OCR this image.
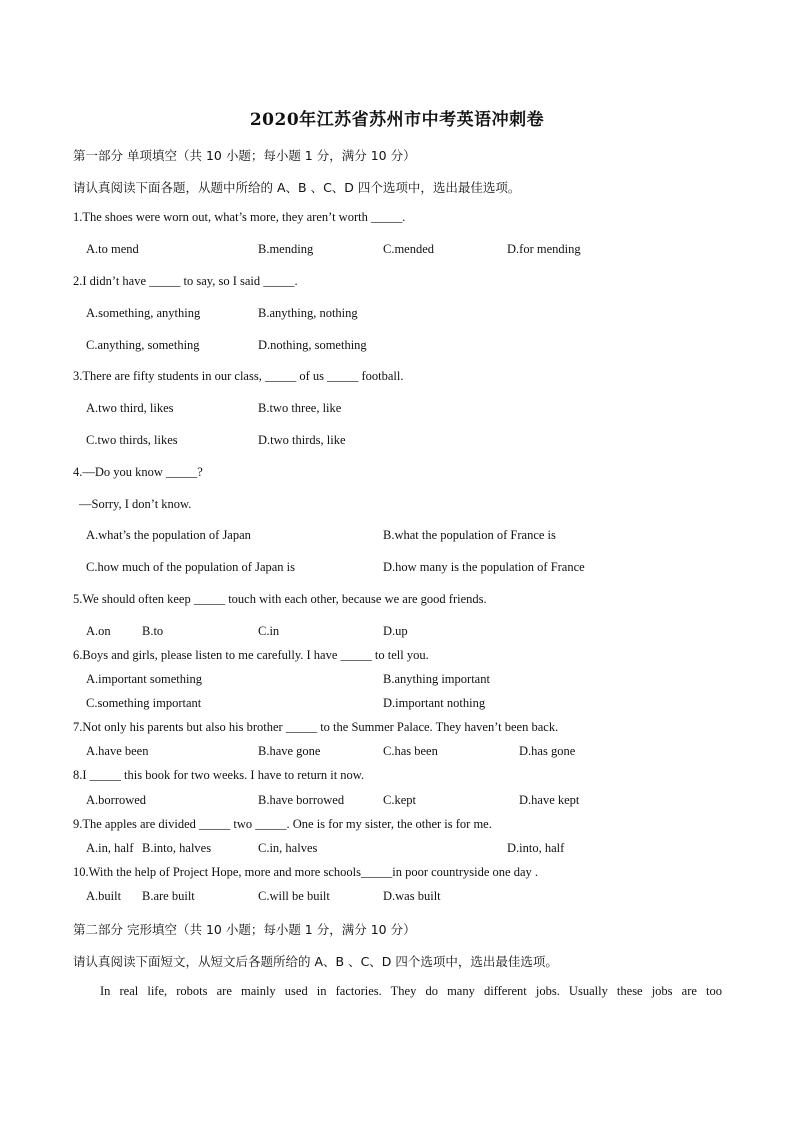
2020年江苏省苏州市中考英语冲刺卷
第一部分 单项填空（共 10 小题；每小题 1 分，满分 10 分）
请认真阅读下面各题，从题中所给的 A、B 、C、D 四个选项中，选出最佳选项。
1.The shoes were worn out, what’s more, they aren’t worth _____.
A.to mend	B.mending	C.mended	D.for mending
2.I didn’t have _____ to say, so I said _____.
A.something, anything	B.anything, nothing
C.anything, something	D.nothing, something
3.There are fifty students in our class, _____ of us _____ football.
A.two third, likes	B.two three, like
C.two thirds, likes	D.two thirds, like
4.—Do you know _____?
—Sorry, I don’t know.
A.what’s the population of Japan	B.what the population of France is
C.how much of the population of Japan is	D.how many is the population of France
5.We should often keep _____ touch with each other, because we are good friends.
A.on	B.to	C.in	D.up
6.Boys and girls, please listen to me carefully. I have _____ to tell you.
A.important something	B.anything important
C.something important	D.important nothing
7.Not only his parents but also his brother _____ to the Summer Palace. They haven’t been back.
A.have been	B.have gone	C.has been	D.has gone
8.I _____ this book for two weeks. I have to return it now.
A.borrowed	B.have borrowed	C.kept	D.have kept
9.The apples are divided _____ two _____. One is for my sister, the other is for me.
A.in, half B.into, halves	C.in, halves	D.into, half
10.With the help of Project Hope, more and more schools_____in poor countryside one day .
A.built B.are built	C.will be built	D.was built
第二部分 完形填空（共 10 小题；每小题 1 分，满分 10 分）
请认真阅读下面短文，从短文后各题所给的 A、B 、C、D 四个选项中，选出最佳选项。
In real life, robots are mainly used in factories. They do many different jobs. Usually these jobs are too
